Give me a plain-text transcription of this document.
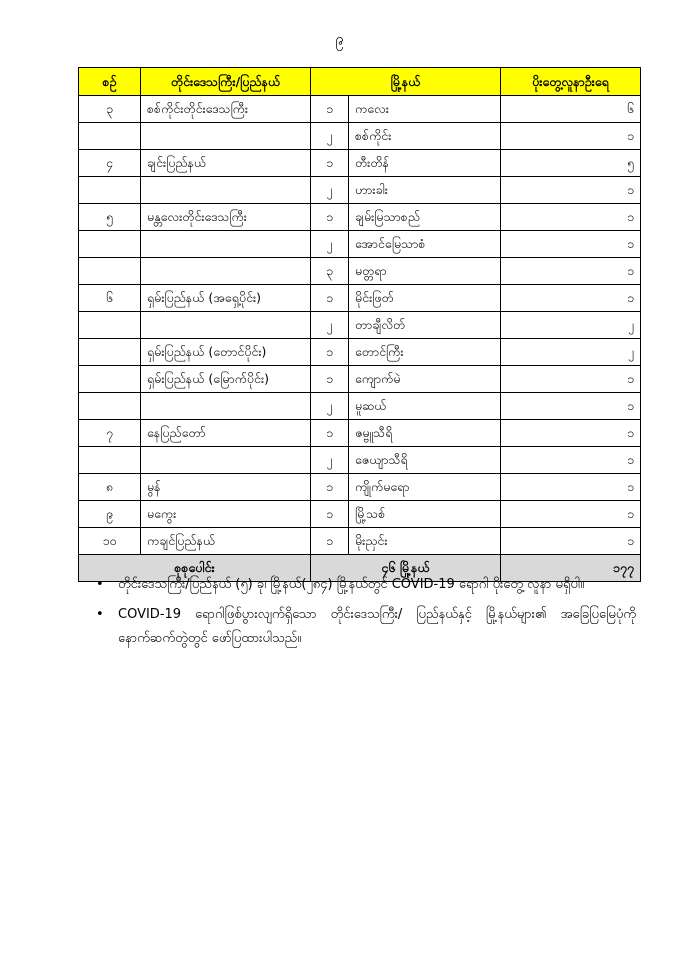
၉
စဉ်	တိုင်းဒေသကြီး/ပြည်နယ်	မြို့နယ်		ပိုးတွေ့လူနာဦးရေ
၃	စစ်ကိုင်းတိုင်းဒေသကြီး	၁	ကလေး	၆
		၂	စစ်ကိုင်း	၁
၄	ချင်းပြည်နယ်	၁	တီးတိန်	၅
		၂	ဟားခါး	၁
၅	မန္တလေးတိုင်းဒေသကြီး	၁	ချမ်းမြသာစည်	၁
		၂	အောင်မြေသာစံ	၁
		၃	မတ္တရာ	၁
၆	ရှမ်းပြည်နယ် (အရှေ့ပိုင်း)	၁	မိုင်းဖြတ်	၁
		၂	တာချီလိတ်	၂
	ရှမ်းပြည်နယ် (တောင်ပိုင်း)	၁	တောင်ကြီး	၂
	ရှမ်းပြည်နယ် (မြောက်ပိုင်း)	၁	ကျောက်မဲ	၁
		၂	မူဆယ်	၁
၇	နေပြည်တော်	၁	ဇမ္ဗူသီရိ	၁
		၂	ဇေယျာသီရိ	၁
၈	မွန်	၁	ကျိုက်မရော	၁
၉	မကွေး	၁	မြို့သစ်	၁
၁၀	ကချင်ပြည်နယ်	၁	မိုးညှင်း	၁
စုစုပေါင်း		၄၆ မြို့နယ်		၁၇၇
• တိုင်းဒေသကြီး/ပြည်နယ် (၅) ခု၊ မြို့နယ်(၂၈၄) မြို့နယ်တွင် COVID-19 ရောဂါ ပိုးတွေ့ လူနာ မရှိပါ။
• COVID-19 ရောဂါဖြစ်ပွားလျက်ရှိသော တိုင်းဒေသကြီး/ ပြည်နယ်နှင့် မြို့နယ်များ၏ အခြေပြမြေပုံကို နောက်ဆက်တွဲတွင် ဖော်ပြထားပါသည်။
